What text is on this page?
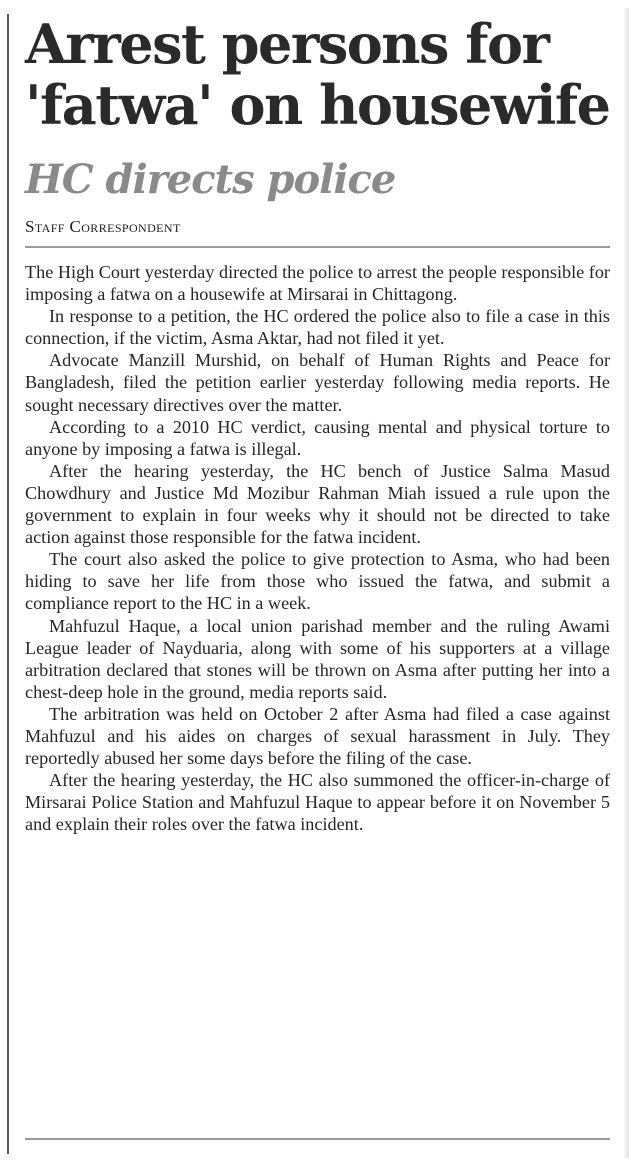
Arrest persons for 'fatwa' on housewife
HC directs police
Staff Correspondent

The High Court yesterday directed the police to arrest the people responsible for imposing a fatwa on a housewife at Mirsarai in Chittagong.

In response to a petition, the HC ordered the police also to file a case in this connection, if the victim, Asma Aktar, had not filed it yet.

Advocate Manzill Murshid, on behalf of Human Rights and Peace for Bangladesh, filed the petition earlier yesterday following media reports. He sought necessary directives over the matter.

According to a 2010 HC verdict, causing mental and physical torture to anyone by imposing a fatwa is illegal.

After the hearing yesterday, the HC bench of Justice Salma Masud Chowdhury and Justice Md Mozibur Rahman Miah issued a rule upon the government to explain in four weeks why it should not be directed to take action against those responsible for the fatwa incident.

The court also asked the police to give protection to Asma, who had been hiding to save her life from those who issued the fatwa, and submit a compliance report to the HC in a week.

Mahfuzul Haque, a local union parishad member and the ruling Awami League leader of Nayduaria, along with some of his supporters at a village arbitration declared that stones will be thrown on Asma after putting her into a chest-deep hole in the ground, media reports said.

The arbitration was held on October 2 after Asma had filed a case against Mahfuzul and his aides on charges of sexual harassment in July. They reportedly abused her some days before the filing of the case.

After the hearing yesterday, the HC also summoned the officer-in-charge of Mirsarai Police Station and Mahfuzul Haque to appear before it on November 5 and explain their roles over the fatwa incident.
